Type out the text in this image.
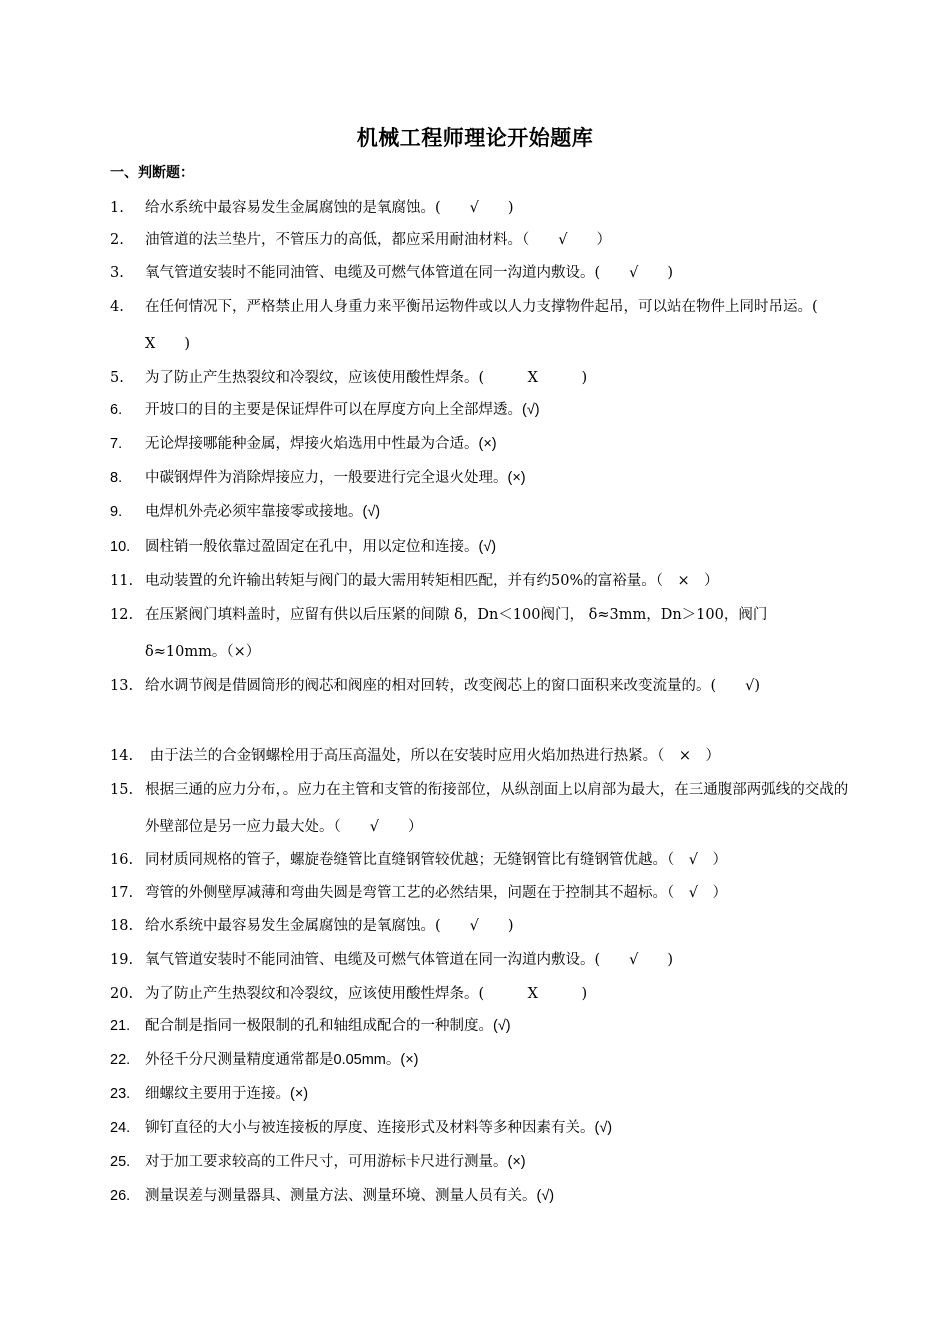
机械工程师理论开始题库
一、判断题：
1.	给水系统中最容易发生金属腐蚀的是氧腐蚀。(　　√　　)
2.	油管道的法兰垫片，不管压力的高低，都应采用耐油材料。（　　√　　）
3.	氧气管道安装时不能同油管、电缆及可燃气体管道在同一沟道内敷设。(　　√　　)
4.	在任何情况下，严格禁止用人身重力来平衡吊运物件或以人力支撑物件起吊，可以站在物件上同时吊运。(　　X　　)
5.	为了防止产生热裂纹和冷裂纹，应该使用酸性焊条。(　　　X　　　)
6.	开坡口的目的主要是保证焊件可以在厚度方向上全部焊透。(√)
7.	无论焊接哪能种金属，焊接火焰选用中性最为合适。(×)
8.	中碳钢焊件为消除焊接应力，一般要进行完全退火处理。(×)
9.	电焊机外壳必须牢靠接零或接地。(√)
10.	圆柱销一般依靠过盈固定在孔中，用以定位和连接。(√)
11. 电动装置的允许输出转矩与阀门的最大需用转矩相匹配，并有约50%的富裕量。（　×　）
12. 在压紧阀门填料盖时，应留有供以后压紧的间隙 δ，Dn＜100阀门， δ≈3mm，Dn＞100，阀门 δ≈10mm。（×）
13. 给水调节阀是借圆筒形的阀芯和阀座的相对回转，改变阀芯上的窗口面积来改变流量的。(　　√)
14. 由于法兰的合金钢螺栓用于高压高温处，所以在安装时应用火焰加热进行热紧。（　×　）
15. 根据三通的应力分布，。应力在主管和支管的衔接部位，从纵剖面上以肩部为最大，在三通腹部两弧线的交战的外壁部位是另一应力最大处。（　　√　　）
16. 同材质同规格的管子，螺旋卷缝管比直缝钢管较优越；无缝钢管比有缝钢管优越。（　√　）
17. 弯管的外侧壁厚减薄和弯曲失圆是弯管工艺的必然结果，问题在于控制其不超标。（　√　）
18. 给水系统中最容易发生金属腐蚀的是氧腐蚀。(　　√　　)
19. 氧气管道安装时不能同油管、电缆及可燃气体管道在同一沟道内敷设。(　　√　　)
20. 为了防止产生热裂纹和冷裂纹，应该使用酸性焊条。(　　　X　　　)
21.	配合制是指同一极限制的孔和轴组成配合的一种制度。(√)
22.	外径千分尺测量精度通常都是0.05mm。(×)
23.	细螺纹主要用于连接。(×)
24.	铆钉直径的大小与被连接板的厚度、连接形式及材料等多种因素有关。(√)
25.	对于加工要求较高的工件尺寸，可用游标卡尺进行测量。(×)
26.	测量误差与测量器具、测量方法、测量环境、测量人员有关。(√)
